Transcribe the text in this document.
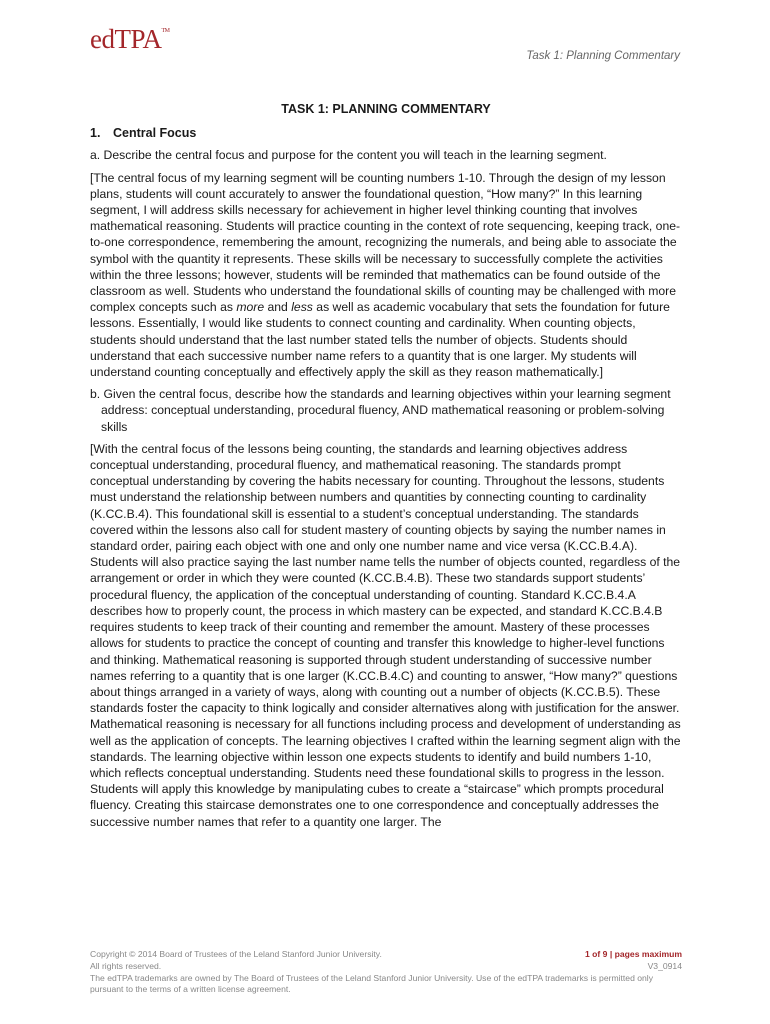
edTPA™
Task 1: Planning Commentary

TASK 1: PLANNING COMMENTARY

1. Central Focus

a. Describe the central focus and purpose for the content you will teach in the learning segment.

[The central focus of my learning segment will be counting numbers 1-10. Through the design of my lesson plans, students will count accurately to answer the foundational question, “How many?” In this learning segment, I will address skills necessary for achievement in higher level thinking counting that involves mathematical reasoning. Students will practice counting in the context of rote sequencing, keeping track, one-to-one correspondence, remembering the amount, recognizing the numerals, and being able to associate the symbol with the quantity it represents. These skills will be necessary to successfully complete the activities within the three lessons; however, students will be reminded that mathematics can be found outside of the classroom as well. Students who understand the foundational skills of counting may be challenged with more complex concepts such as more and less as well as academic vocabulary that sets the foundation for future lessons. Essentially, I would like students to connect counting and cardinality. When counting objects, students should understand that the last number stated tells the number of objects. Students should understand that each successive number name refers to a quantity that is one larger. My students will understand counting conceptually and effectively apply the skill as they reason mathematically.]

b. Given the central focus, describe how the standards and learning objectives within your learning segment address: conceptual understanding, procedural fluency, AND mathematical reasoning or problem-solving skills

[With the central focus of the lessons being counting, the standards and learning objectives address conceptual understanding, procedural fluency, and mathematical reasoning. The standards prompt conceptual understanding by covering the habits necessary for counting. Throughout the lessons, students must understand the relationship between numbers and quantities by connecting counting to cardinality (K.CC.B.4). This foundational skill is essential to a student’s conceptual understanding. The standards covered within the lessons also call for student mastery of counting objects by saying the number names in standard order, pairing each object with one and only one number name and vice versa (K.CC.B.4.A). Students will also practice saying the last number name tells the number of objects counted, regardless of the arrangement or order in which they were counted (K.CC.B.4.B). These two standards support students’ procedural fluency, the application of the conceptual understanding of counting. Standard K.CC.B.4.A describes how to properly count, the process in which mastery can be expected, and standard K.CC.B.4.B requires students to keep track of their counting and remember the amount. Mastery of these processes allows for students to practice the concept of counting and transfer this knowledge to higher-level functions and thinking. Mathematical reasoning is supported through student understanding of successive number names referring to a quantity that is one larger (K.CC.B.4.C) and counting to answer, “How many?” questions about things arranged in a variety of ways, along with counting out a number of objects (K.CC.B.5). These standards foster the capacity to think logically and consider alternatives along with justification for the answer. Mathematical reasoning is necessary for all functions including process and development of understanding as well as the application of concepts. The learning objectives I crafted within the learning segment align with the standards. The learning objective within lesson one expects students to identify and build numbers 1-10, which reflects conceptual understanding. Students need these foundational skills to progress in the lesson. Students will apply this knowledge by manipulating cubes to create a “staircase” which prompts procedural fluency. Creating this staircase demonstrates one to one correspondence and conceptually addresses the successive number names that refer to a quantity one larger. The

Copyright © 2014 Board of Trustees of the Leland Stanford Junior University.	1 of 9 | pages maximum
All rights reserved.	V3_0914
The edTPA trademarks are owned by The Board of Trustees of the Leland Stanford Junior University. Use of the edTPA trademarks is permitted only pursuant to the terms of a written license agreement.
